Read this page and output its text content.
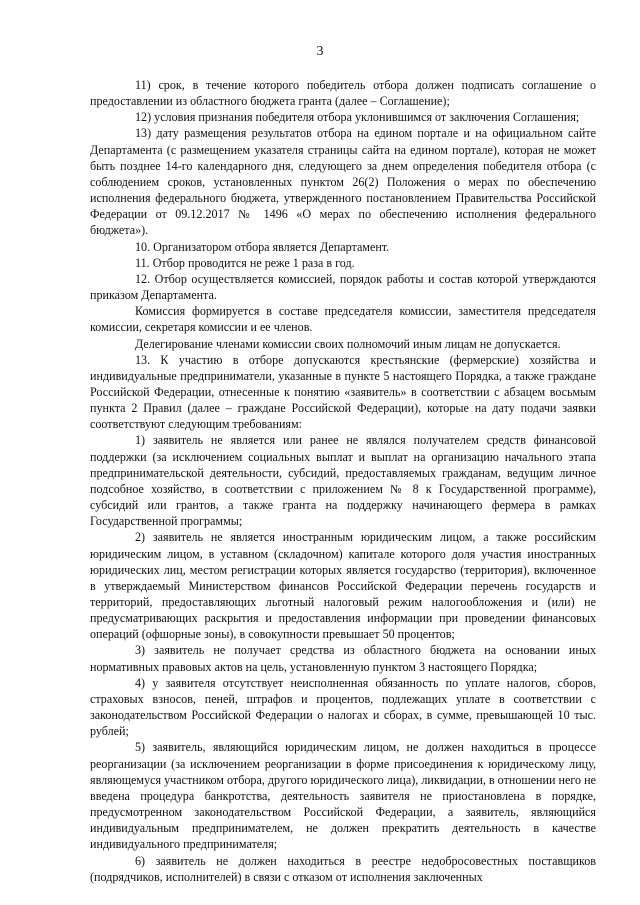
3

11) срок, в течение которого победитель отбора должен подписать соглашение о предоставлении из областного бюджета гранта (далее – Соглашение);

12) условия признания победителя отбора уклонившимся от заключения Соглашения;

13) дату размещения результатов отбора на едином портале и на официальном сайте Департамента (с размещением указателя страницы сайта на едином портале), которая не может быть позднее 14-го календарного дня, следующего за днем определения победителя отбора (с соблюдением сроков, установленных пунктом 26(2) Положения о мерах по обеспечению исполнения федерального бюджета, утвержденного постановлением Правительства Российской Федерации от 09.12.2017 № 1496 «О мерах по обеспечению исполнения федерального бюджета»).

10. Организатором отбора является Департамент.

11. Отбор проводится не реже 1 раза в год.

12. Отбор осуществляется комиссией, порядок работы и состав которой утверждаются приказом Департамента.

Комиссия формируется в составе председателя комиссии, заместителя председателя комиссии, секретаря комиссии и ее членов.

Делегирование членами комиссии своих полномочий иным лицам не допускается.

13. К участию в отборе допускаются крестьянские (фермерские) хозяйства и индивидуальные предприниматели, указанные в пункте 5 настоящего Порядка, а также граждане Российской Федерации, отнесенные к понятию «заявитель» в соответствии с абзацем восьмым пункта 2 Правил (далее – граждане Российской Федерации), которые на дату подачи заявки соответствуют следующим требованиям:

1) заявитель не является или ранее не являлся получателем средств финансовой поддержки (за исключением социальных выплат и выплат на организацию начального этапа предпринимательской деятельности, субсидий, предоставляемых гражданам, ведущим личное подсобное хозяйство, в соответствии с приложением № 8 к Государственной программе), субсидий или грантов, а также гранта на поддержку начинающего фермера в рамках Государственной программы;

2) заявитель не является иностранным юридическим лицом, а также российским юридическим лицом, в уставном (складочном) капитале которого доля участия иностранных юридических лиц, местом регистрации которых является государство (территория), включенное в утверждаемый Министерством финансов Российской Федерации перечень государств и территорий, предоставляющих льготный налоговый режим налогообложения и (или) не предусматривающих раскрытия и предоставления информации при проведении финансовых операций (офшорные зоны), в совокупности превышает 50 процентов;

3) заявитель не получает средства из областного бюджета на основании иных нормативных правовых актов на цель, установленную пунктом 3 настоящего Порядка;

4) у заявителя отсутствует неисполненная обязанность по уплате налогов, сборов, страховых взносов, пеней, штрафов и процентов, подлежащих уплате в соответствии с законодательством Российской Федерации о налогах и сборах, в сумме, превышающей 10 тыс. рублей;

5) заявитель, являющийся юридическим лицом, не должен находиться в процессе реорганизации (за исключением реорганизации в форме присоединения к юридическому лицу, являющемуся участником отбора, другого юридического лица), ликвидации, в отношении него не введена процедура банкротства, деятельность заявителя не приостановлена в порядке, предусмотренном законодательством Российской Федерации, а заявитель, являющийся индивидуальным предпринимателем, не должен прекратить деятельность в качестве индивидуального предпринимателя;

6) заявитель не должен находиться в реестре недобросовестных поставщиков (подрядчиков, исполнителей) в связи с отказом от исполнения заключенных
